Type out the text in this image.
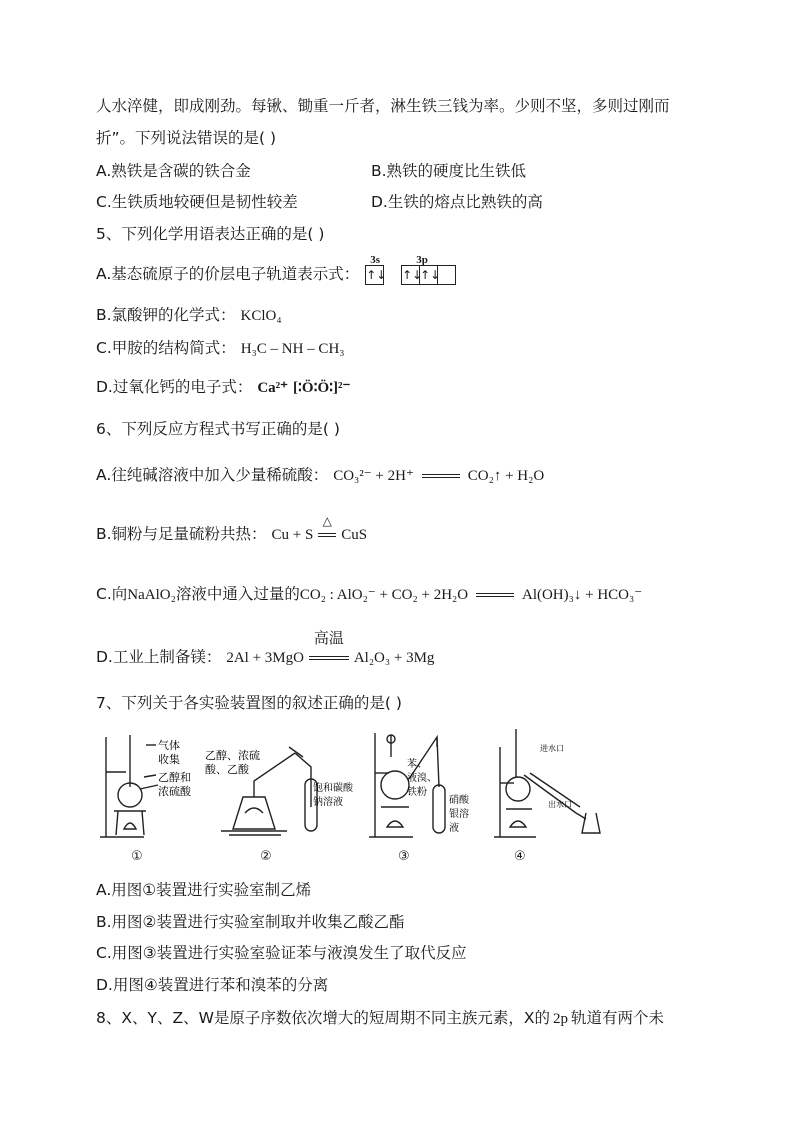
人水淬健，即成刚劲。每锹、锄重一斤者，淋生铁三钱为率。少则不坚，多则过刚而
折”。下列说法错误的是( )
A.熟铁是含碳的铁合金	B.熟铁的硬度比生铁低
C.生铁质地较硬但是韧性较差	D.生铁的熔点比熟铁的高
5、下列化学用语表达正确的是( )
A.基态硫原子的价层电子轨道表示式：
3s	3p
↑↓ ↑↓↑↓
B.氯酸钾的化学式： KClO₄
C.甲胺的结构简式： H₃C – NH – CH₃
D.过氧化钙的电子式： Ca²⁺ [∶Ö∶Ö∶]²⁻
6、下列反应方程式书写正确的是( )
A.往纯碱溶液中加入少量稀硫酸： CO₃²⁻ + 2H⁺	CO₂↑ + H₂O
B.铜粉与足量硫粉共热： Cu + S
△
CuS
C.向NaAlO₂溶液中通入过量的CO₂ : AlO₂⁻ + CO₂ + 2H₂O	Al(OH)₃↓ + HCO₃⁻
D.工业上制备镁： 2Al + 3MgO
高温
Al₂O₃ + 3Mg
7、下列关于各实验装置图的叙述正确的是( )
气体
收集
乙醇和
浓硫酸
乙醇、浓硫
酸、乙酸
饱和碳酸
钠溶液
苯、
液溴、
铁粉
硝酸
银溶
液
进水口
出水口
①	②	③	④
A.用图①装置进行实验室制乙烯
B.用图②装置进行实验室制取并收集乙酸乙酯
C.用图③装置进行实验室验证苯与液溴发生了取代反应
D.用图④装置进行苯和溴苯的分离
8、X、Y、Z、W是原子序数依次增大的短周期不同主族元素，X的 2p 轨道有两个未
